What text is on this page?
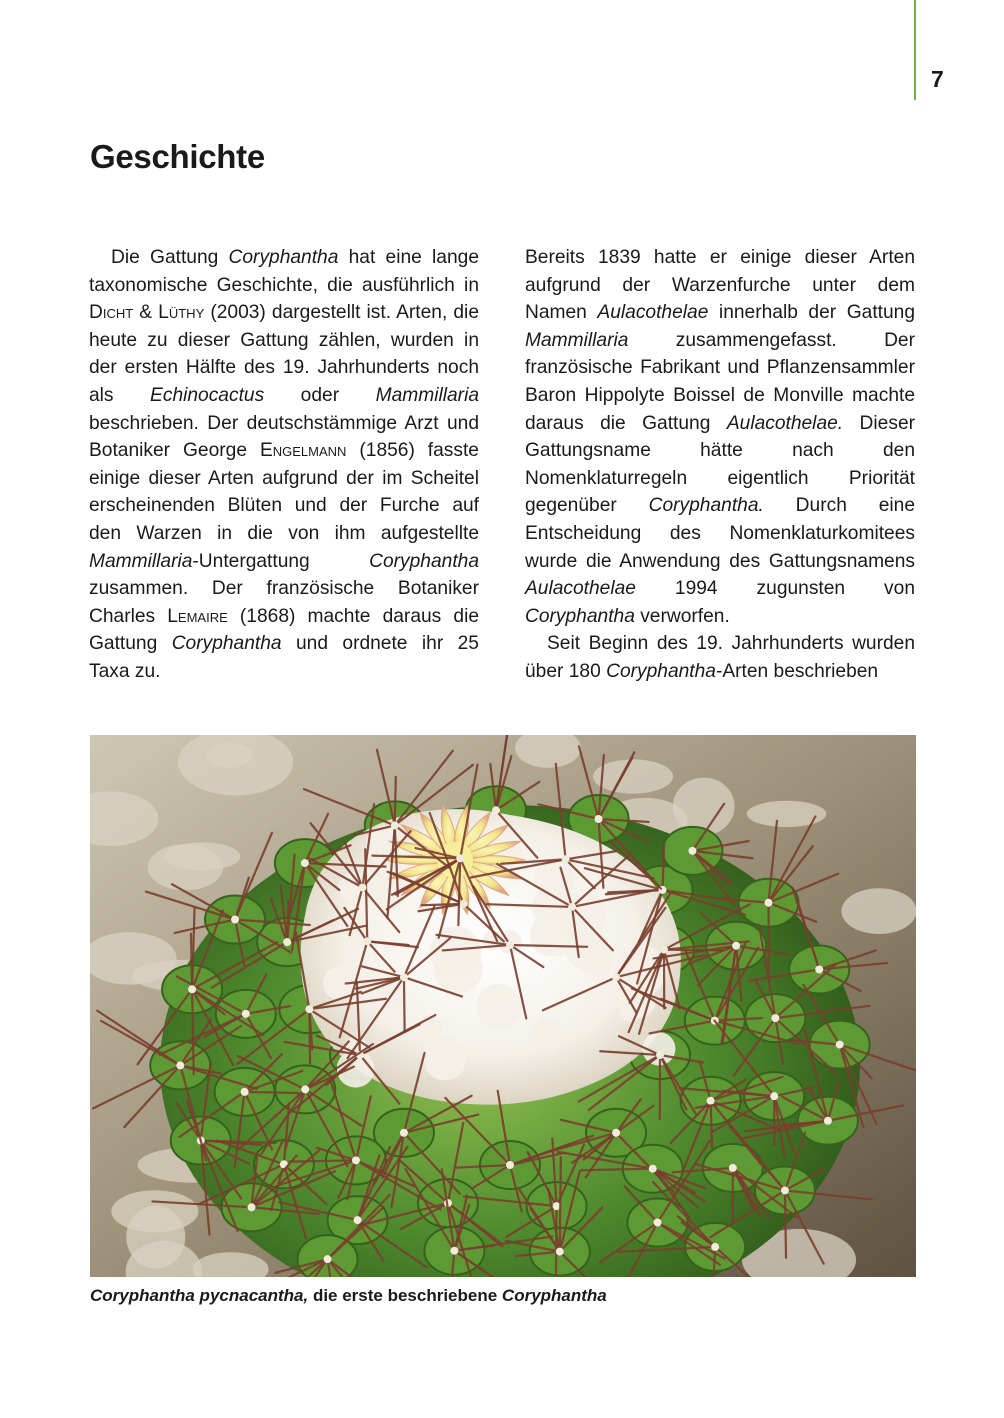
7
Geschichte

Die Gattung Coryphantha hat eine lange taxonomische Geschichte, die ausführlich in Dicht & Lüthy (2003) dargestellt ist. Arten, die heute zu dieser Gattung zählen, wurden in der ersten Hälfte des 19. Jahrhunderts noch als Echinocactus oder Mammillaria beschrieben. Der deutschstämmige Arzt und Botaniker George Engelmann (1856) fasste einige dieser Arten aufgrund der im Scheitel erscheinenden Blüten und der Furche auf den Warzen in die von ihm aufgestellte Mammillaria-Untergattung Coryphantha zusammen. Der französische Botaniker Charles Lemaire (1868) machte daraus die Gattung Coryphantha und ordnete ihr 25 Taxa zu.

Bereits 1839 hatte er einige dieser Arten aufgrund der Warzenfurche unter dem Namen Aulacothelae innerhalb der Gattung Mammillaria zusammengefasst. Der französische Fabrikant und Pflanzensammler Baron Hippolyte Boissel de Monville machte daraus die Gattung Aulacothelae. Dieser Gattungsname hätte nach den Nomenklaturregeln eigentlich Priorität gegenüber Coryphantha. Durch eine Entscheidung des Nomenklaturkomitees wurde die Anwendung des Gattungsnamens Aulacothelae 1994 zugunsten von Coryphantha verworfen.

Seit Beginn des 19. Jahrhunderts wurden über 180 Coryphantha-Arten beschrieben

Coryphantha pycnacantha, die erste beschriebene Coryphantha
